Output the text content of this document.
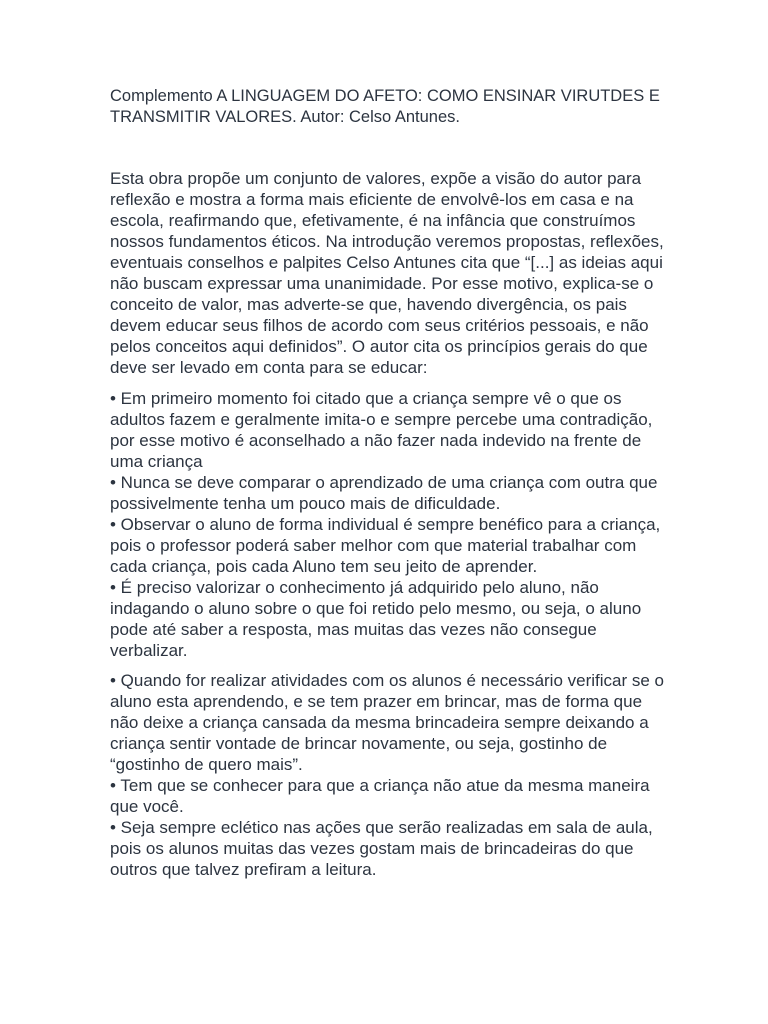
Complemento A LINGUAGEM DO AFETO: COMO ENSINAR VIRUTDES E TRANSMITIR VALORES. Autor: Celso Antunes.

Esta obra propõe um conjunto de valores, expõe a visão do autor para reflexão e mostra a forma mais eficiente de envolvê-los em casa e na escola, reafirmando que, efetivamente, é na infância que construímos nossos fundamentos éticos. Na introdução veremos propostas, reflexões, eventuais conselhos e palpites Celso Antunes cita que “[...] as ideias aqui não buscam expressar uma unanimidade. Por esse motivo, explica-se o conceito de valor, mas adverte-se que, havendo divergência, os pais devem educar seus filhos de acordo com seus critérios pessoais, e não pelos conceitos aqui definidos”. O autor cita os princípios gerais do que deve ser levado em conta para se educar:

• Em primeiro momento foi citado que a criança sempre vê o que os adultos fazem e geralmente imita-o e sempre percebe uma contradição, por esse motivo é aconselhado a não fazer nada indevido na frente de uma criança

• Nunca se deve comparar o aprendizado de uma criança com outra que possivelmente tenha um pouco mais de dificuldade.

• Observar o aluno de forma individual é sempre benéfico para a criança, pois o professor poderá saber melhor com que material trabalhar com cada criança, pois cada Aluno tem seu jeito de aprender.

• É preciso valorizar o conhecimento já adquirido pelo aluno, não indagando o aluno sobre o que foi retido pelo mesmo, ou seja, o aluno pode até saber a resposta, mas muitas das vezes não consegue verbalizar.

• Quando for realizar atividades com os alunos é necessário verificar se o aluno esta aprendendo, e se tem prazer em brincar, mas de forma que não deixe a criança cansada da mesma brincadeira sempre deixando a criança sentir vontade de brincar novamente, ou seja, gostinho de “gostinho de quero mais”.

• Tem que se conhecer para que a criança não atue da mesma maneira que você.

• Seja sempre eclético nas ações que serão realizadas em sala de aula, pois os alunos muitas das vezes gostam mais de brincadeiras do que outros que talvez prefiram a leitura.
